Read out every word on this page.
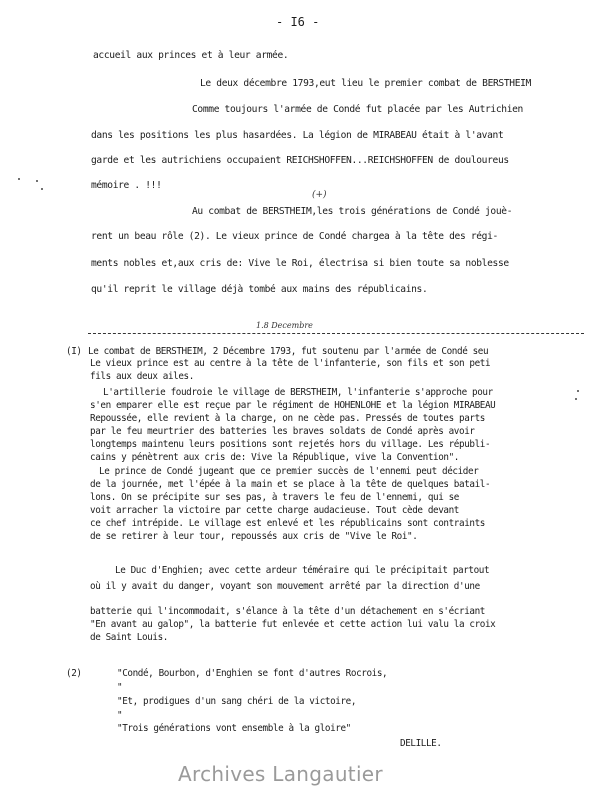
- I6 -
accueil aux princes et à leur armée.
Le deux décembre 1793,eut lieu le premier combat de BERSTHEIM
Comme toujours l'armée de Condé fut placée par les Autrichien
dans les positions les plus hasardées. La légion de MIRABEAU était à l'avant
garde et les autrichiens occupaient REICHSHOFFEN...REICHSHOFFEN de douloureus
mémoire . !!!
(+)
Au combat de BERSTHEIM,les trois générations de Condé jouè-
rent un beau rôle (2). Le vieux prince de Condé chargea à la tête des régi-
ments nobles et,aux cris de: Vive le Roi, électrisa si bien toute sa noblesse
qu'il reprit le village déjà tombé aux mains des républicains.
1.8 Decembre
(I) Le combat de BERSTHEIM, 2 Décembre 1793, fut soutenu par l'armée de Condé seu
Le vieux prince est au centre à la tête de l'infanterie, son fils et son peti
fils aux deux ailes.
L'artillerie foudroie le village de BERSTHEIM, l'infanterie s'approche pour
s'en emparer elle est reçue par le régiment de HOHENLOHE et la légion MIRABEAU
Repoussée, elle revient à la charge, on ne cède pas. Pressés de toutes parts
par le feu meurtrier des batteries les braves soldats de Condé après avoir
longtemps maintenu leurs positions sont rejetés hors du village. Les républi-
cains y pénètrent aux cris de: Vive la République, vive la Convention".
Le prince de Condé jugeant que ce premier succès de l'ennemi peut décider
de la journée, met l'épée à la main et se place à la tête de quelques batail-
lons. On se précipite sur ses pas, à travers le feu de l'ennemi, qui se
voit arracher la victoire par cette charge audacieuse. Tout cède devant
ce chef intrépide. Le village est enlevé et les républicains sont contraints
de se retirer à leur tour, repoussés aux cris de "Vive le Roi".
Le Duc d'Enghien; avec cette ardeur téméraire qui le précipitait partout
où il y avait du danger, voyant son mouvement arrêté par la direction d'une
batterie qui l'incommodait, s'élance à la tête d'un détachement en s'écriant
"En avant au galop", la batterie fut enlevée et cette action lui valu la croix
de Saint Louis.
(2)	"Condé, Bourbon, d'Enghien se font d'autres Rocrois,
"
"Et, prodigues d'un sang chéri de la victoire,
"
"Trois générations vont ensemble à la gloire"
DELILLE.
Archives Langautier
